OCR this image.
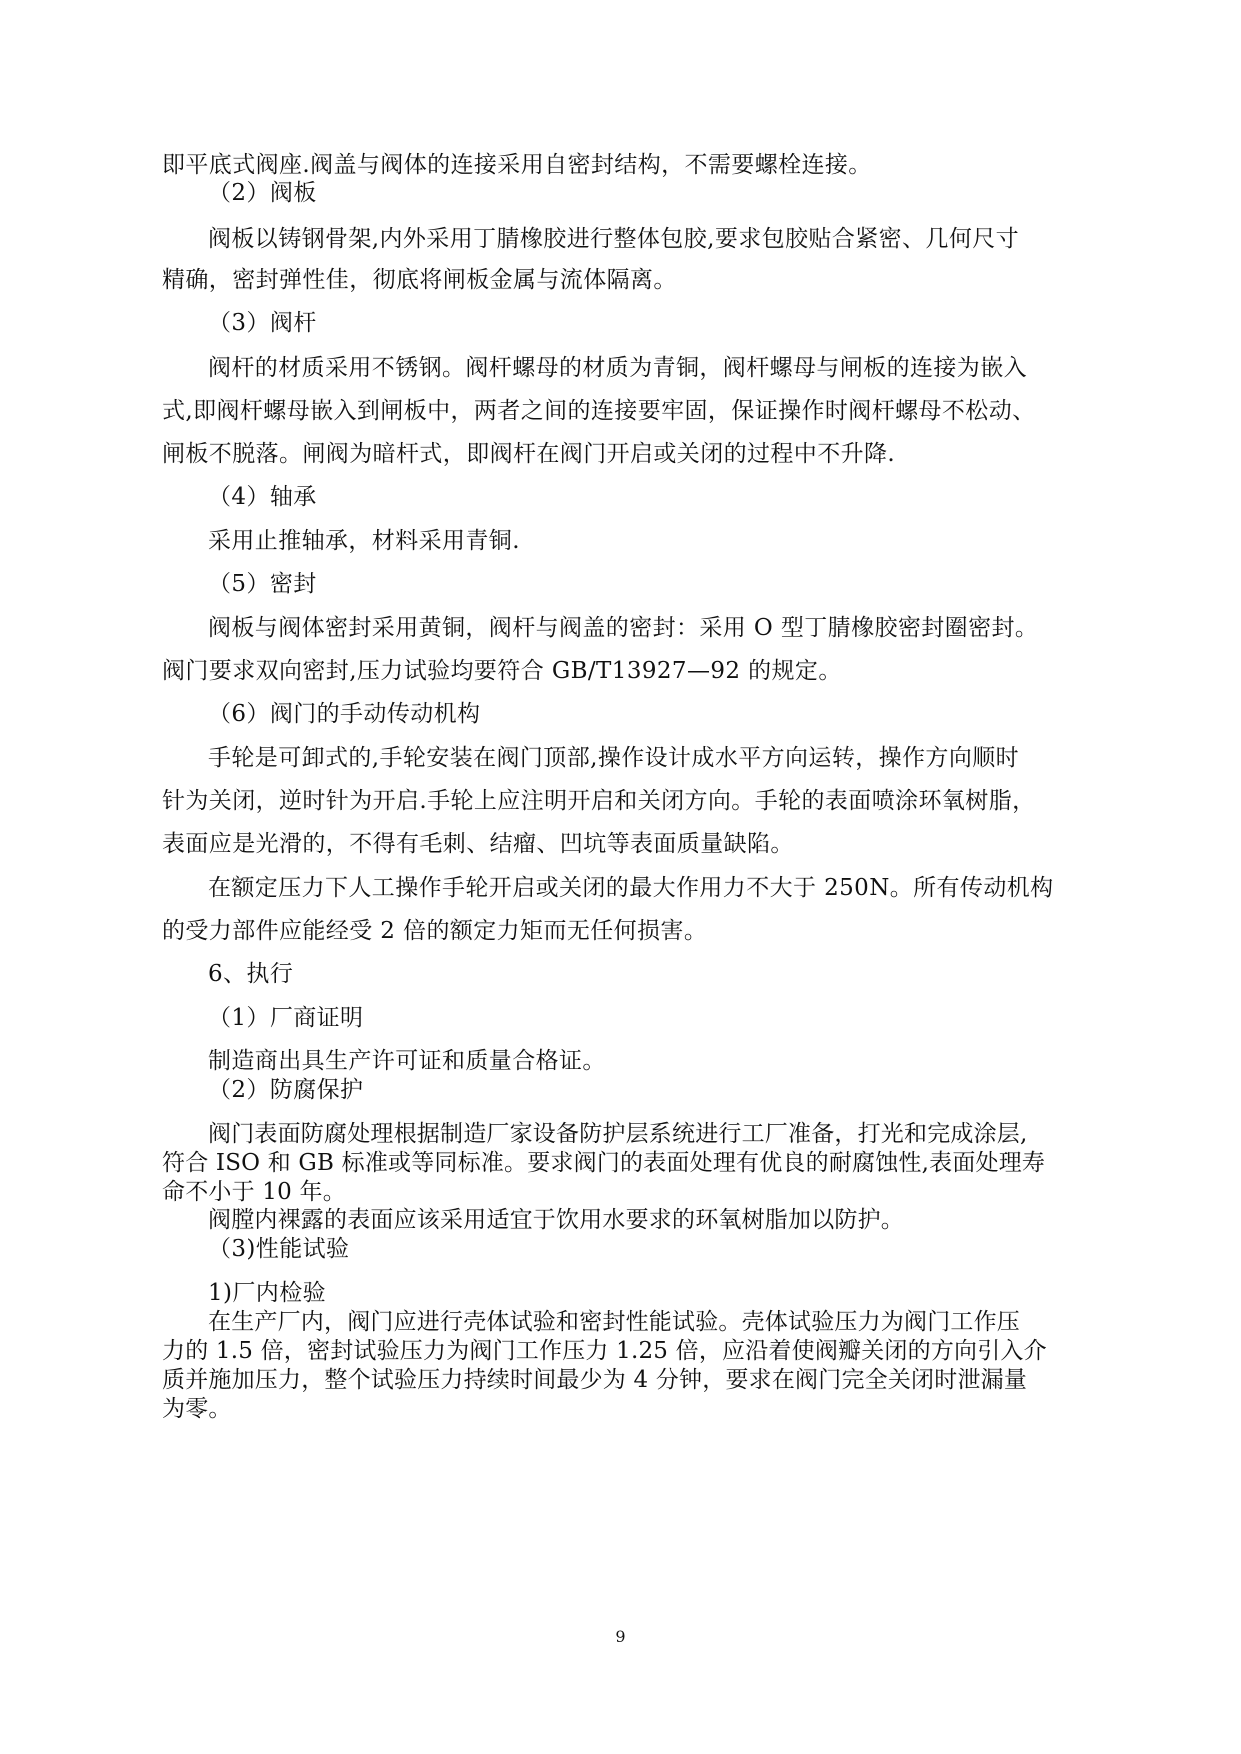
即平底式阀座.阀盖与阀体的连接采用自密封结构，不需要螺栓连接。
（2）阀板
阀板以铸钢骨架,内外采用丁腈橡胶进行整体包胶,要求包胶贴合紧密、几何尺寸
精确，密封弹性佳，彻底将闸板金属与流体隔离。
（3）阀杆
阀杆的材质采用不锈钢。阀杆螺母的材质为青铜，阀杆螺母与闸板的连接为嵌入
式,即阀杆螺母嵌入到闸板中，两者之间的连接要牢固，保证操作时阀杆螺母不松动、
闸板不脱落。闸阀为暗杆式，即阀杆在阀门开启或关闭的过程中不升降.
（4）轴承
采用止推轴承，材料采用青铜.
（5）密封
阀板与阀体密封采用黄铜，阀杆与阀盖的密封：采用 O 型丁腈橡胶密封圈密封。
阀门要求双向密封,压力试验均要符合 GB/T13927—92 的规定。
（6）阀门的手动传动机构
手轮是可卸式的,手轮安装在阀门顶部,操作设计成水平方向运转，操作方向顺时
针为关闭，逆时针为开启.手轮上应注明开启和关闭方向。手轮的表面喷涂环氧树脂，
表面应是光滑的，不得有毛刺、结瘤、凹坑等表面质量缺陷。
在额定压力下人工操作手轮开启或关闭的最大作用力不大于 250N。所有传动机构
的受力部件应能经受 2 倍的额定力矩而无任何损害。
6、执行
（1）厂商证明
制造商出具生产许可证和质量合格证。
（2）防腐保护
阀门表面防腐处理根据制造厂家设备防护层系统进行工厂准备，打光和完成涂层,
符合 ISO 和 GB 标准或等同标准。要求阀门的表面处理有优良的耐腐蚀性,表面处理寿
命不小于 10 年。
阀膛内裸露的表面应该采用适宜于饮用水要求的环氧树脂加以防护。
（3)性能试验
1)厂内检验
在生产厂内，阀门应进行壳体试验和密封性能试验。壳体试验压力为阀门工作压
力的 1.5 倍，密封试验压力为阀门工作压力 1.25 倍，应沿着使阀瓣关闭的方向引入介
质并施加压力，整个试验压力持续时间最少为 4 分钟，要求在阀门完全关闭时泄漏量
为零。
9
